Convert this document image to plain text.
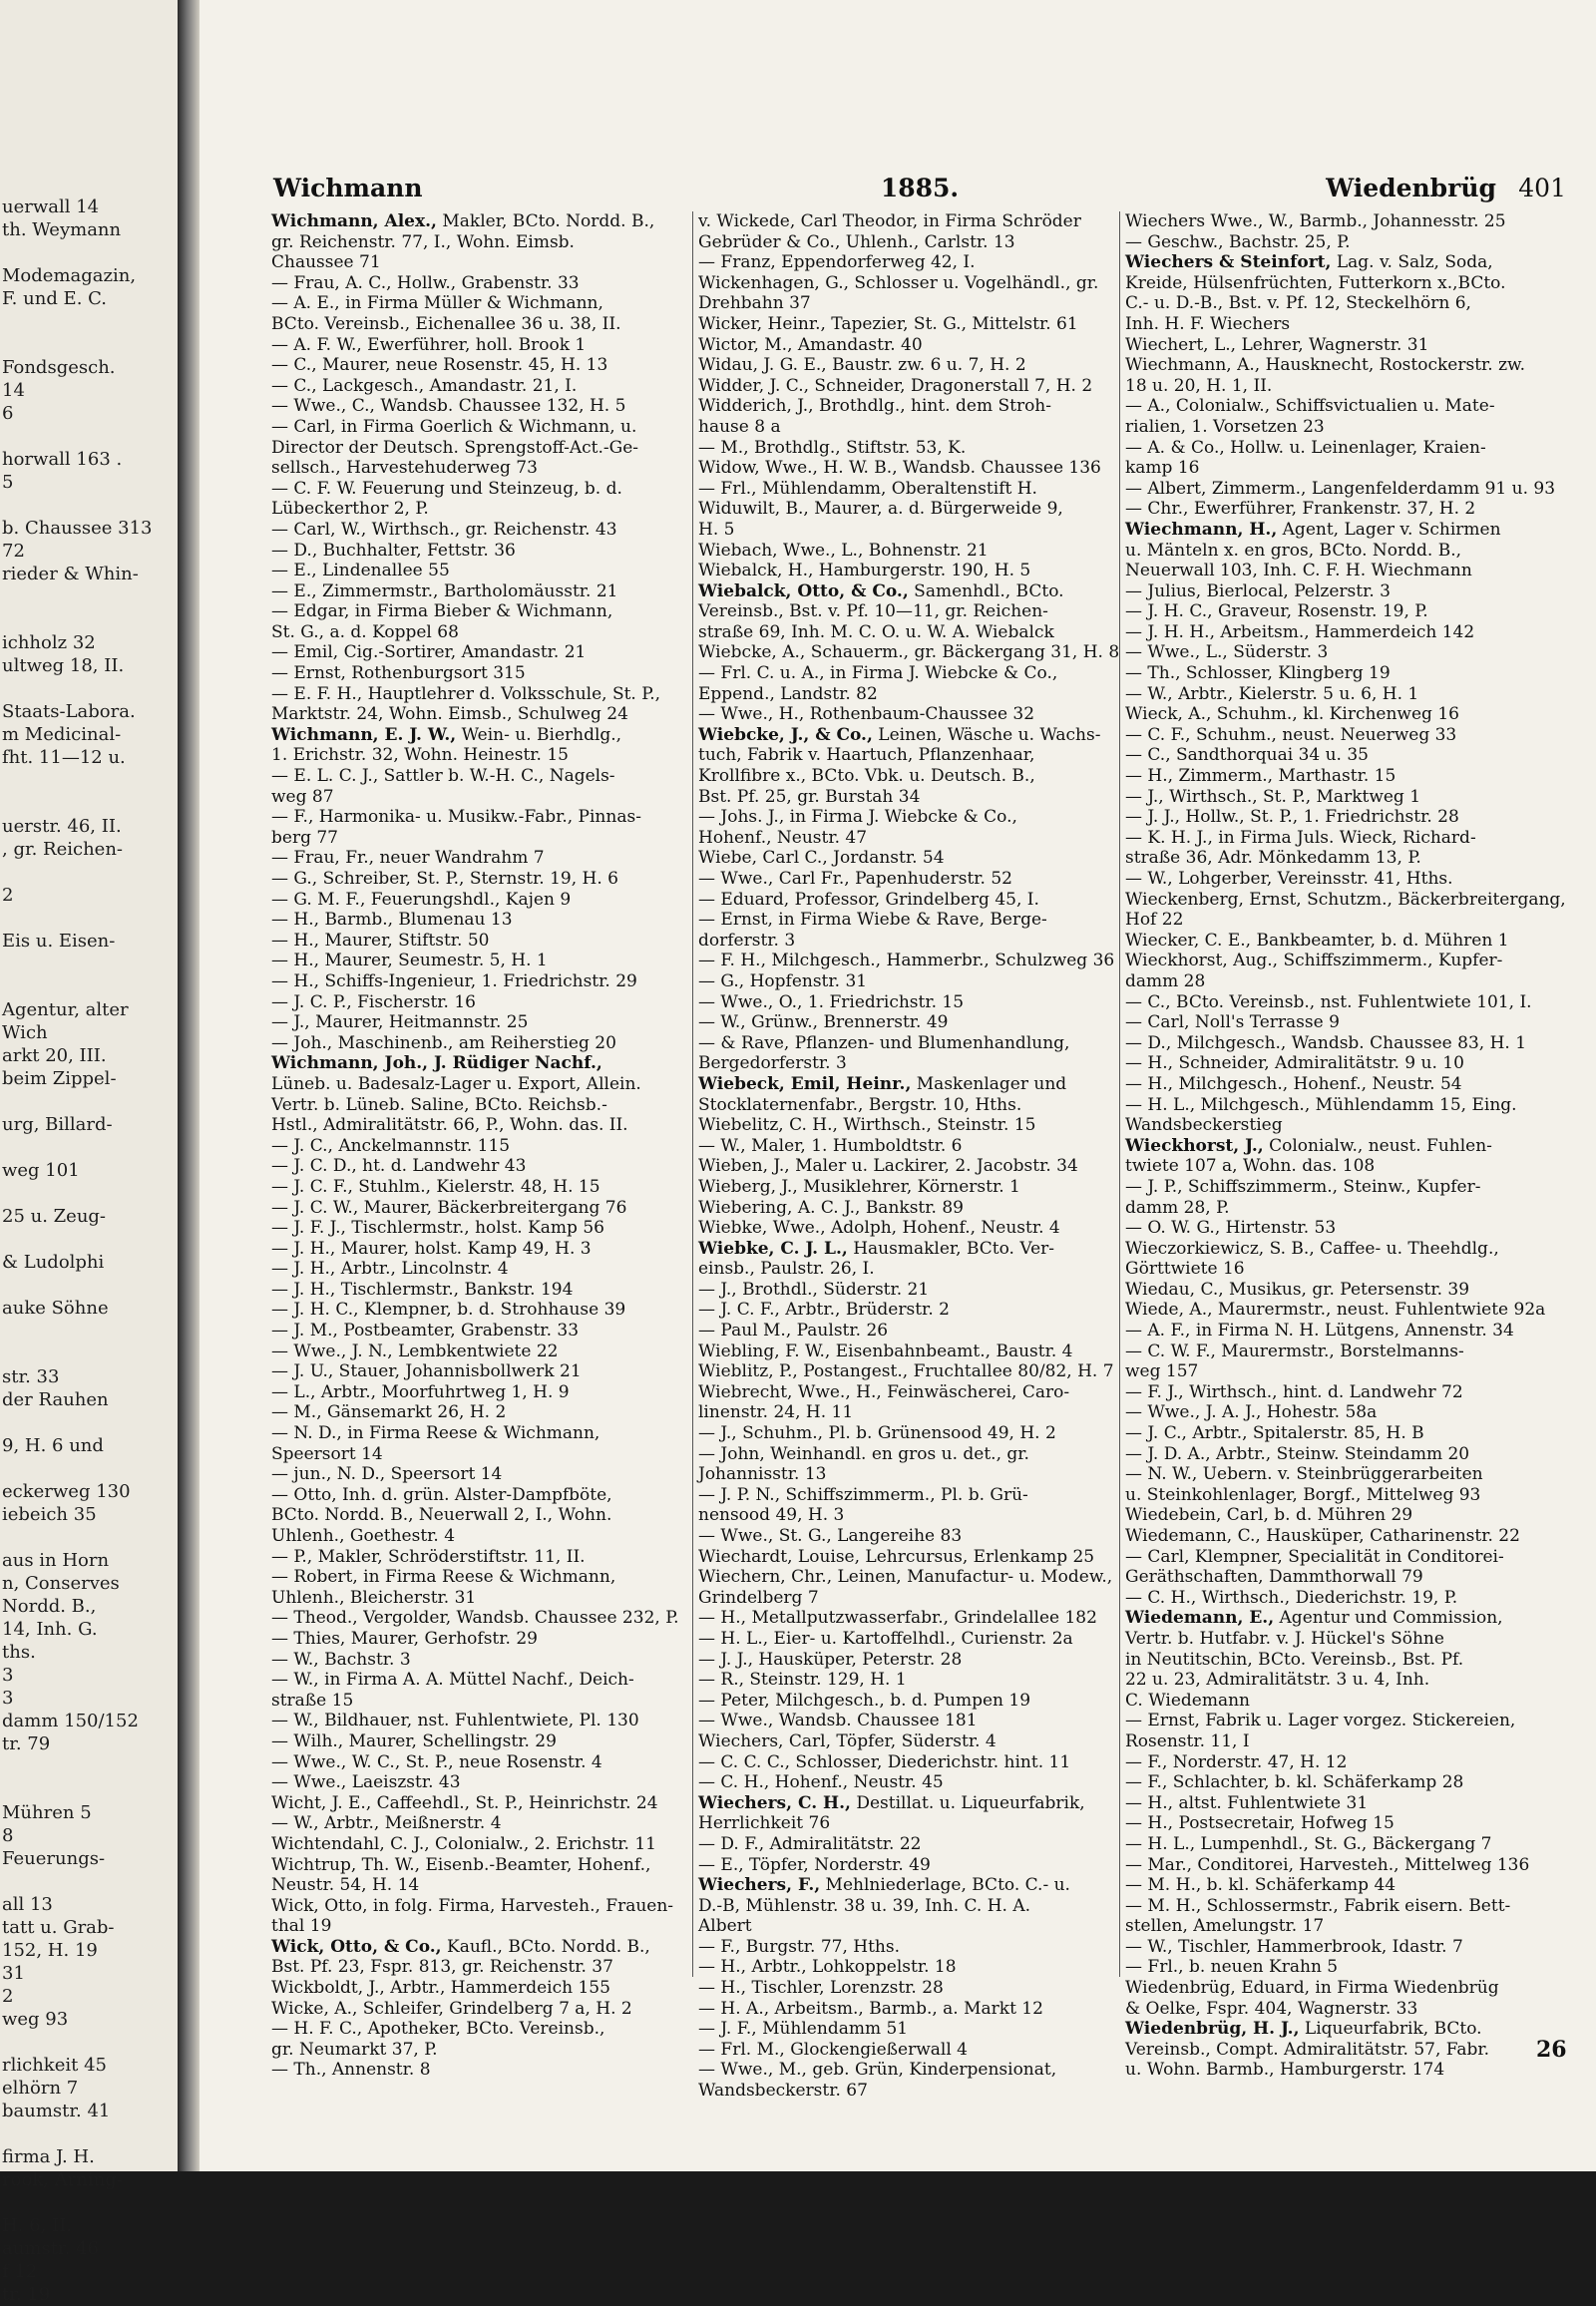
uerwall 14
th. Weymann
Modemagazin,
F. und E. C.
Fondsgesch.
14
6
horwall 163 .
5
b. Chaussee 313
72
rieder & Whin-
ichholz 32
ultweg 18, II.
Staats-Labora.
m Medicinal-
fht. 11—12 u.
uerstr. 46, II.
, gr. Reichen-
2
Eis u. Eisen-
Agentur, alter
Wich
arkt 20, III.
beim Zippel-
urg, Billard-
weg 101
25 u. Zeug-
& Ludolphi
auke Söhne
str. 33
der Rauhen
9, H. 6 und
eckerweg 130
iebeich 35
aus in Horn
n, Conserves
Nordd. B.,
14, Inh. G.
ths.
3
3
damm 150/152
tr. 79
Mühren 5
8
Feuerungs-
all 13
tatt u. Grab-
152, H. 19
31
2
weg 93
rlichkeit 45
elhörn 7
baumstr. 41
firma J. H.
rook, Arning-
H. 6, II.
aumstr. 46
f 12
tr. 19
Wichmann	1885.	Wiedenbrüg 401
Wichmann, Alex., Makler, BCto. Nordd. B.,
gr. Reichenstr. 77, I., Wohn. Eimsb.
Chaussee 71
— Frau, A. C., Hollw., Grabenstr. 33
— A. E., in Firma Müller & Wichmann,
BCto. Vereinsb., Eichenallee 36 u. 38, II.
— A. F. W., Ewerführer, holl. Brook 1
— C., Maurer, neue Rosenstr. 45, H. 13
— C., Lackgesch., Amandastr. 21, I.
— Wwe., C., Wandsb. Chaussee 132, H. 5
— Carl, in Firma Goerlich & Wichmann, u.
Director der Deutsch. Sprengstoff-Act.-Ge-
sellsch., Harvestehuderweg 73
— C. F. W. Feuerung und Steinzeug, b. d.
Lübeckerthor 2, P.
— Carl, W., Wirthsch., gr. Reichenstr. 43
— D., Buchhalter, Fettstr. 36
— E., Lindenallee 55
— E., Zimmermstr., Bartholomäusstr. 21
— Edgar, in Firma Bieber & Wichmann,
St. G., a. d. Koppel 68
— Emil, Cig.-Sortirer, Amandastr. 21
— Ernst, Rothenburgsort 315
— E. F. H., Hauptlehrer d. Volksschule, St. P.,
Marktstr. 24, Wohn. Eimsb., Schulweg 24
Wichmann, E. J. W., Wein- u. Bierhdlg.,
1. Erichstr. 32, Wohn. Heinestr. 15
— E. L. C. J., Sattler b. W.-H. C., Nagels-
weg 87
— F., Harmonika- u. Musikw.-Fabr., Pinnas-
berg 77
— Frau, Fr., neuer Wandrahm 7
— G., Schreiber, St. P., Sternstr. 19, H. 6
— G. M. F., Feuerungshdl., Kajen 9
— H., Barmb., Blumenau 13
— H., Maurer, Stiftstr. 50
— H., Maurer, Seumestr. 5, H. 1
— H., Schiffs-Ingenieur, 1. Friedrichstr. 29
— J. C. P., Fischerstr. 16
— J., Maurer, Heitmannstr. 25
— Joh., Maschinenb., am Reiherstieg 20
Wichmann, Joh., J. Rüdiger Nachf.,
Lüneb. u. Badesalz-Lager u. Export, Allein.
Vertr. b. Lüneb. Saline, BCto. Reichsb.-
Hstl., Admiralitätstr. 66, P., Wohn. das. II.
— J. C., Anckelmannstr. 115
— J. C. D., ht. d. Landwehr 43
— J. C. F., Stuhlm., Kielerstr. 48, H. 15
— J. C. W., Maurer, Bäckerbreitergang 76
— J. F. J., Tischlermstr., holst. Kamp 56
— J. H., Maurer, holst. Kamp 49, H. 3
— J. H., Arbtr., Lincolnstr. 4
— J. H., Tischlermstr., Bankstr. 194
— J. H. C., Klempner, b. d. Strohhause 39
— J. M., Postbeamter, Grabenstr. 33
— Wwe., J. N., Lembkentwiete 22
— J. U., Stauer, Johannisbollwerk 21
— L., Arbtr., Moorfuhrtweg 1, H. 9
— M., Gänsemarkt 26, H. 2
— N. D., in Firma Reese & Wichmann,
Speersort 14
— jun., N. D., Speersort 14
— Otto, Inh. d. grün. Alster-Dampfböte,
BCto. Nordd. B., Neuerwall 2, I., Wohn.
Uhlenh., Goethestr. 4
— P., Makler, Schröderstiftstr. 11, II.
— Robert, in Firma Reese & Wichmann,
Uhlenh., Bleicherstr. 31
— Theod., Vergolder, Wandsb. Chaussee 232, P.
— Thies, Maurer, Gerhofstr. 29
— W., Bachstr. 3
— W., in Firma A. A. Müttel Nachf., Deich-
straße 15
— W., Bildhauer, nst. Fuhlentwiete, Pl. 130
— Wilh., Maurer, Schellingstr. 29
— Wwe., W. C., St. P., neue Rosenstr. 4
— Wwe., Laeiszstr. 43
Wicht, J. E., Caffeehdl., St. P., Heinrichstr. 24
— W., Arbtr., Meißnerstr. 4
Wichtendahl, C. J., Colonialw., 2. Erichstr. 11
Wichtrup, Th. W., Eisenb.-Beamter, Hohenf.,
Neustr. 54, H. 14
Wick, Otto, in folg. Firma, Harvesteh., Frauen-
thal 19
Wick, Otto, & Co., Kaufl., BCto. Nordd. B.,
Bst. Pf. 23, Fspr. 813, gr. Reichenstr. 37
Wickboldt, J., Arbtr., Hammerdeich 155
Wicke, A., Schleifer, Grindelberg 7 a, H. 2
— H. F. C., Apotheker, BCto. Vereinsb.,
gr. Neumarkt 37, P.
— Th., Annenstr. 8
v. Wickede, Carl Theodor, in Firma Schröder
Gebrüder & Co., Uhlenh., Carlstr. 13
— Franz, Eppendorferweg 42, I.
Wickenhagen, G., Schlosser u. Vogelhändl., gr.
Drehbahn 37
Wicker, Heinr., Tapezier, St. G., Mittelstr. 61
Wictor, M., Amandastr. 40
Widau, J. G. E., Baustr. zw. 6 u. 7, H. 2
Widder, J. C., Schneider, Dragonerstall 7, H. 2
Widderich, J., Brothdlg., hint. dem Stroh-
hause 8 a
— M., Brothdlg., Stiftstr. 53, K.
Widow, Wwe., H. W. B., Wandsb. Chaussee 136
— Frl., Mühlendamm, Oberaltenstift H.
Widuwilt, B., Maurer, a. d. Bürgerweide 9,
H. 5
Wiebach, Wwe., L., Bohnenstr. 21
Wiebalck, H., Hamburgerstr. 190, H. 5
Wiebalck, Otto, & Co., Samenhdl., BCto.
Vereinsb., Bst. v. Pf. 10—11, gr. Reichen-
straße 69, Inh. M. C. O. u. W. A. Wiebalck
Wiebcke, A., Schauerm., gr. Bäckergang 31, H. 8
— Frl. C. u. A., in Firma J. Wiebcke & Co.,
Eppend., Landstr. 82
— Wwe., H., Rothenbaum-Chaussee 32
Wiebcke, J., & Co., Leinen, Wäsche u. Wachs-
tuch, Fabrik v. Haartuch, Pflanzenhaar,
Krollfibre x., BCto. Vbk. u. Deutsch. B.,
Bst. Pf. 25, gr. Burstah 34
— Johs. J., in Firma J. Wiebcke & Co.,
Hohenf., Neustr. 47
Wiebe, Carl C., Jordanstr. 54
— Wwe., Carl Fr., Papenhuderstr. 52
— Eduard, Professor, Grindelberg 45, I.
— Ernst, in Firma Wiebe & Rave, Berge-
dorferstr. 3
— F. H., Milchgesch., Hammerbr., Schulzweg 36
— G., Hopfenstr. 31
— Wwe., O., 1. Friedrichstr. 15
— W., Grünw., Brennerstr. 49
— & Rave, Pflanzen- und Blumenhandlung,
Bergedorferstr. 3
Wiebeck, Emil, Heinr., Maskenlager und
Stocklaternenfabr., Bergstr. 10, Hths.
Wiebelitz, C. H., Wirthsch., Steinstr. 15
— W., Maler, 1. Humboldtstr. 6
Wieben, J., Maler u. Lackirer, 2. Jacobstr. 34
Wieberg, J., Musiklehrer, Körnerstr. 1
Wiebering, A. C. J., Bankstr. 89
Wiebke, Wwe., Adolph, Hohenf., Neustr. 4
Wiebke, C. J. L., Hausmakler, BCto. Ver-
einsb., Paulstr. 26, I.
— J., Brothdl., Süderstr. 21
— J. C. F., Arbtr., Brüderstr. 2
— Paul M., Paulstr. 26
Wiebling, F. W., Eisenbahnbeamt., Baustr. 4
Wieblitz, P., Postangest., Fruchtallee 80/82, H. 7
Wiebrecht, Wwe., H., Feinwäscherei, Caro-
linenstr. 24, H. 11
— J., Schuhm., Pl. b. Grünensood 49, H. 2
— John, Weinhandl. en gros u. det., gr.
Johannisstr. 13
— J. P. N., Schiffszimmerm., Pl. b. Grü-
nensood 49, H. 3
— Wwe., St. G., Langereihe 83
Wiechardt, Louise, Lehrcursus, Erlenkamp 25
Wiechern, Chr., Leinen, Manufactur- u. Modew.,
Grindelberg 7
— H., Metallputzwasserfabr., Grindelallee 182
— H. L., Eier- u. Kartoffelhdl., Curienstr. 2a
— J. J., Hausküper, Peterstr. 28
— R., Steinstr. 129, H. 1
— Peter, Milchgesch., b. d. Pumpen 19
— Wwe., Wandsb. Chaussee 181
Wiechers, Carl, Töpfer, Süderstr. 4
— C. C. C., Schlosser, Diederichstr. hint. 11
— C. H., Hohenf., Neustr. 45
Wiechers, C. H., Destillat. u. Liqueurfabrik,
Herrlichkeit 76
— D. F., Admiralitätstr. 22
— E., Töpfer, Norderstr. 49
Wiechers, F., Mehlniederlage, BCto. C.- u.
D.-B, Mühlenstr. 38 u. 39, Inh. C. H. A.
Albert
— F., Burgstr. 77, Hths.
— H., Arbtr., Lohkoppelstr. 18
— H., Tischler, Lorenzstr. 28
— H. A., Arbeitsm., Barmb., a. Markt 12
— J. F., Mühlendamm 51
— Frl. M., Glockengießerwall 4
— Wwe., M., geb. Grün, Kinderpensionat,
Wandsbeckerstr. 67
Wiechers Wwe., W., Barmb., Johannesstr. 25
— Geschw., Bachstr. 25, P.
Wiechers & Steinfort, Lag. v. Salz, Soda,
Kreide, Hülsenfrüchten, Futterkorn x.,BCto.
C.- u. D.-B., Bst. v. Pf. 12, Steckelhörn 6,
Inh. H. F. Wiechers
Wiechert, L., Lehrer, Wagnerstr. 31
Wiechmann, A., Hausknecht, Rostockerstr. zw.
18 u. 20, H. 1, II.
— A., Colonialw., Schiffsvictualien u. Mate-
rialien, 1. Vorsetzen 23
— A. & Co., Hollw. u. Leinenlager, Kraien-
kamp 16
— Albert, Zimmerm., Langenfelderdamm 91 u. 93
— Chr., Ewerführer, Frankenstr. 37, H. 2
Wiechmann, H., Agent, Lager v. Schirmen
u. Mänteln x. en gros, BCto. Nordd. B.,
Neuerwall 103, Inh. C. F. H. Wiechmann
— Julius, Bierlocal, Pelzerstr. 3
— J. H. C., Graveur, Rosenstr. 19, P.
— J. H. H., Arbeitsm., Hammerdeich 142
— Wwe., L., Süderstr. 3
— Th., Schlosser, Klingberg 19
— W., Arbtr., Kielerstr. 5 u. 6, H. 1
Wieck, A., Schuhm., kl. Kirchenweg 16
— C. F., Schuhm., neust. Neuerweg 33
— C., Sandthorquai 34 u. 35
— H., Zimmerm., Marthastr. 15
— J., Wirthsch., St. P., Marktweg 1
— J. J., Hollw., St. P., 1. Friedrichstr. 28
— K. H. J., in Firma Juls. Wieck, Richard-
straße 36, Adr. Mönkedamm 13, P.
— W., Lohgerber, Vereinsstr. 41, Hths.
Wieckenberg, Ernst, Schutzm., Bäckerbreitergang,
Hof 22
Wiecker, C. E., Bankbeamter, b. d. Mühren 1
Wieckhorst, Aug., Schiffszimmerm., Kupfer-
damm 28
— C., BCto. Vereinsb., nst. Fuhlentwiete 101, I.
— Carl, Noll's Terrasse 9
— D., Milchgesch., Wandsb. Chaussee 83, H. 1
— H., Schneider, Admiralitätstr. 9 u. 10
— H., Milchgesch., Hohenf., Neustr. 54
— H. L., Milchgesch., Mühlendamm 15, Eing.
Wandsbeckerstieg
Wieckhorst, J., Colonialw., neust. Fuhlen-
twiete 107 a, Wohn. das. 108
— J. P., Schiffszimmerm., Steinw., Kupfer-
damm 28, P.
— O. W. G., Hirtenstr. 53
Wieczorkiewicz, S. B., Caffee- u. Theehdlg.,
Görttwiete 16
Wiedau, C., Musikus, gr. Petersenstr. 39
Wiede, A., Maurermstr., neust. Fuhlentwiete 92a
— A. F., in Firma N. H. Lütgens, Annenstr. 34
— C. W. F., Maurermstr., Borstelmanns-
weg 157
— F. J., Wirthsch., hint. d. Landwehr 72
— Wwe., J. A. J., Hohestr. 58a
— J. C., Arbtr., Spitalerstr. 85, H. B
— J. D. A., Arbtr., Steinw. Steindamm 20
— N. W., Uebern. v. Steinbrüggerarbeiten
u. Steinkohlenlager, Borgf., Mittelweg 93
Wiedebein, Carl, b. d. Mühren 29
Wiedemann, C., Hausküper, Catharinenstr. 22
— Carl, Klempner, Specialität in Conditorei-
Geräthschaften, Dammthorwall 79
— C. H., Wirthsch., Diederichstr. 19, P.
Wiedemann, E., Agentur und Commission,
Vertr. b. Hutfabr. v. J. Hückel's Söhne
in Neutitschin, BCto. Vereinsb., Bst. Pf.
22 u. 23, Admiralitätstr. 3 u. 4, Inh.
C. Wiedemann
— Ernst, Fabrik u. Lager vorgez. Stickereien,
Rosenstr. 11, I
— F., Norderstr. 47, H. 12
— F., Schlachter, b. kl. Schäferkamp 28
— H., altst. Fuhlentwiete 31
— H., Postsecretair, Hofweg 15
— H. L., Lumpenhdl., St. G., Bäckergang 7
— Mar., Conditorei, Harvesteh., Mittelweg 136
— M. H., b. kl. Schäferkamp 44
— M. H., Schlossermstr., Fabrik eisern. Bett-
stellen, Amelungstr. 17
— W., Tischler, Hammerbrook, Idastr. 7
— Frl., b. neuen Krahn 5
Wiedenbrüg, Eduard, in Firma Wiedenbrüg
& Oelke, Fspr. 404, Wagnerstr. 33
Wiedenbrüg, H. J., Liqueurfabrik, BCto.
Vereinsb., Compt. Admiralitätstr. 57, Fabr.
u. Wohn. Barmb., Hamburgerstr. 174
26
